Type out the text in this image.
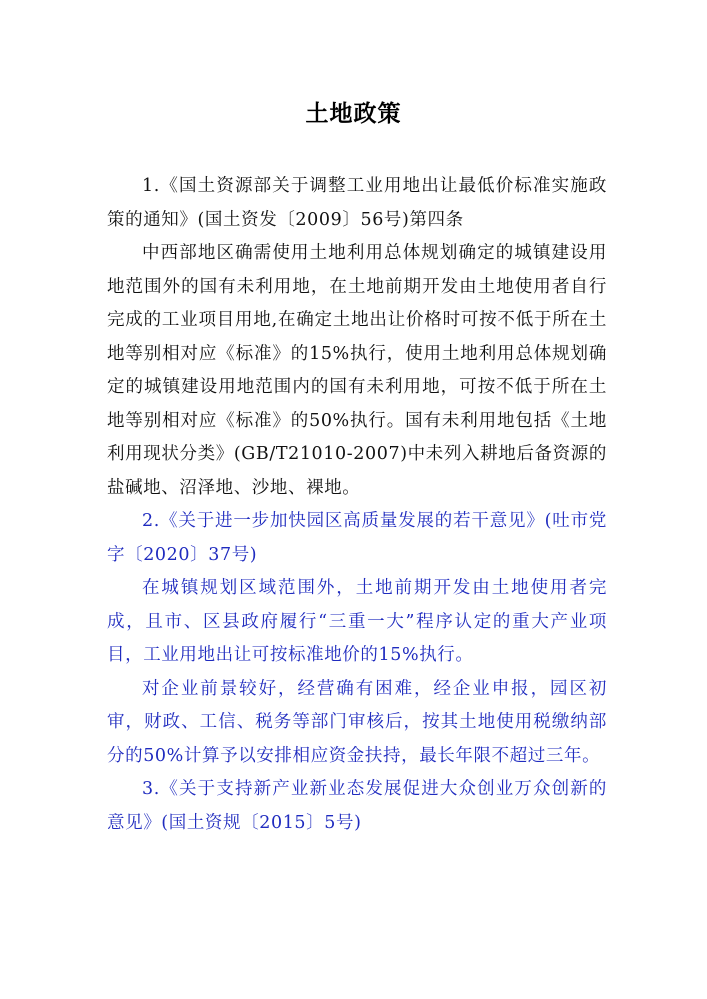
土地政策

1.《国土资源部关于调整工业用地出让最低价标准实施政策的通知》(国土资发〔2009〕56号)第四条

中西部地区确需使用土地利用总体规划确定的城镇建设用地范围外的国有未利用地，在土地前期开发由土地使用者自行完成的工业项目用地,在确定土地出让价格时可按不低于所在土地等别相对应《标准》的15%执行，使用土地利用总体规划确定的城镇建设用地范围内的国有未利用地，可按不低于所在土地等别相对应《标准》的50%执行。国有未利用地包括《土地利用现状分类》(GB/T21010-2007)中未列入耕地后备资源的盐碱地、沼泽地、沙地、裸地。

2.《关于进一步加快园区高质量发展的若干意见》(吐市党字〔2020〕37号)

在城镇规划区域范围外，土地前期开发由土地使用者完成，且市、区县政府履行“三重一大”程序认定的重大产业项目，工业用地出让可按标准地价的15%执行。

对企业前景较好，经营确有困难，经企业申报，园区初审，财政、工信、税务等部门审核后，按其土地使用税缴纳部分的50%计算予以安排相应资金扶持，最长年限不超过三年。

3.《关于支持新产业新业态发展促进大众创业万众创新的意见》(国土资规〔2015〕5号)
